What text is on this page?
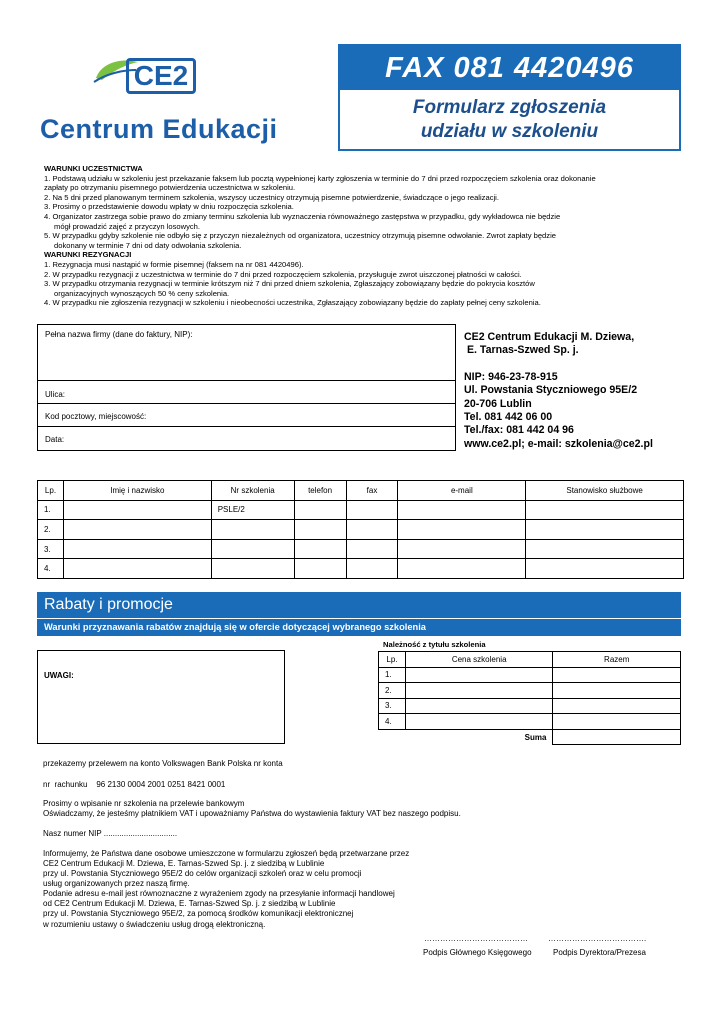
CE2
Centrum Edukacji
FAX 081 4420496
Formularz zgłoszenia
udziału w szkoleniu
WARUNKI UCZESTNICTWA
1. Podstawą udziału w szkoleniu jest przekazanie faksem lub pocztą wypełnionej karty zgłoszenia w terminie do 7 dni przed rozpoczęciem szkolenia oraz dokonanie
zapłaty po otrzymaniu pisemnego potwierdzenia uczestnictwa w szkoleniu.
2. Na 5 dni przed planowanym terminem szkolenia, wszyscy uczestnicy otrzymują pisemne potwierdzenie, świadczące o jego realizacji.
3. Prosimy o przedstawienie dowodu wpłaty w dniu rozpoczęcia szkolenia.
4. Organizator zastrzega sobie prawo do zmiany terminu szkolenia lub wyznaczenia równoważnego zastępstwa w przypadku, gdy wykładowca nie będzie
mógł prowadzić zajęć z przyczyn losowych.
5. W przypadku gdyby szkolenie nie odbyło się z przyczyn niezależnych od organizatora, uczestnicy otrzymują pisemne odwołanie. Zwrot zapłaty będzie
dokonany w terminie 7 dni od daty odwołania szkolenia.
WARUNKI REZYGNACJI
1. Rezygnacja musi nastąpić w formie pisemnej (faksem na nr 081 4420496).
2. W przypadku rezygnacji z uczestnictwa w terminie do 7 dni przed rozpoczęciem szkolenia, przysługuje zwrot uiszczonej płatności w całości.
3. W przypadku otrzymania rezygnacji w terminie krótszym niż 7 dni przed dniem szkolenia, Zgłaszający zobowiązany będzie do pokrycia kosztów
organizacyjnych wynoszących 50 % ceny szkolenia.
4. W przypadku nie zgłoszenia rezygnacji w szkoleniu i nieobecności uczestnika, Zgłaszający zobowiązany będzie do zapłaty pełnej ceny szkolenia.
Pełna nazwa firmy (dane do faktury, NIP):
Ulica:
Kod pocztowy, miejscowość:
Data:
CE2 Centrum Edukacji M. Dziewa,
E. Tarnas-Szwed Sp. j.
NIP: 946-23-78-915
Ul. Powstania Styczniowego 95E/2
20-706 Lublin
Tel. 081 442 06 00
Tel./fax: 081 442 04 96
www.ce2.pl; e-mail: szkolenia@ce2.pl
Lp.	Imię i nazwisko	Nr szkolenia	telefon	fax	e-mail	Stanowisko służbowe
1.		PSLE/2				
2.						
3.						
4.						
Rabaty i promocje
Warunki przyznawania rabatów znajdują się w ofercie dotyczącej wybranego szkolenia
UWAGI:
Należność z tytułu szkolenia
Lp.	Cena szkolenia	Razem
1.		
2.		
3.		
4.		
	Suma	
przekazemy przelewem na konto Volkswagen Bank Polska nr konta
nr  rachunku    96 2130 0004 2001 0251 8421 0001
Prosimy o wpisanie nr szkolenia na przelewie bankowym
Oświadczamy, że jesteśmy płatnikiem VAT i upoważniamy Państwa do wystawienia faktury VAT bez naszego podpisu.
Nasz numer NIP .................................
Informujemy, że Państwa dane osobowe umieszczone w formularzu zgłoszeń będą przetwarzane przez
CE2 Centrum Edukacji M. Dziewa, E. Tarnas-Szwed Sp. j. z siedzibą w Lublinie
przy ul. Powstania Styczniowego 95E/2 do celów organizacji szkoleń oraz w celu promocji
usług organizowanych przez naszą firmę.
Podanie adresu e-mail jest równoznaczne z wyrażeniem zgody na przesyłanie informacji handlowej
od CE2 Centrum Edukacji M. Dziewa, E. Tarnas-Szwed Sp. j. z siedzibą w Lublinie
przy ul. Powstania Styczniowego 95E/2, za pomocą środków komunikacji elektronicznej
w rozumieniu ustawy o świadczeniu usług drogą elektroniczną.
…………………………………	……………………………….
Podpis Głównego Księgowego	Podpis Dyrektora/Prezesa
